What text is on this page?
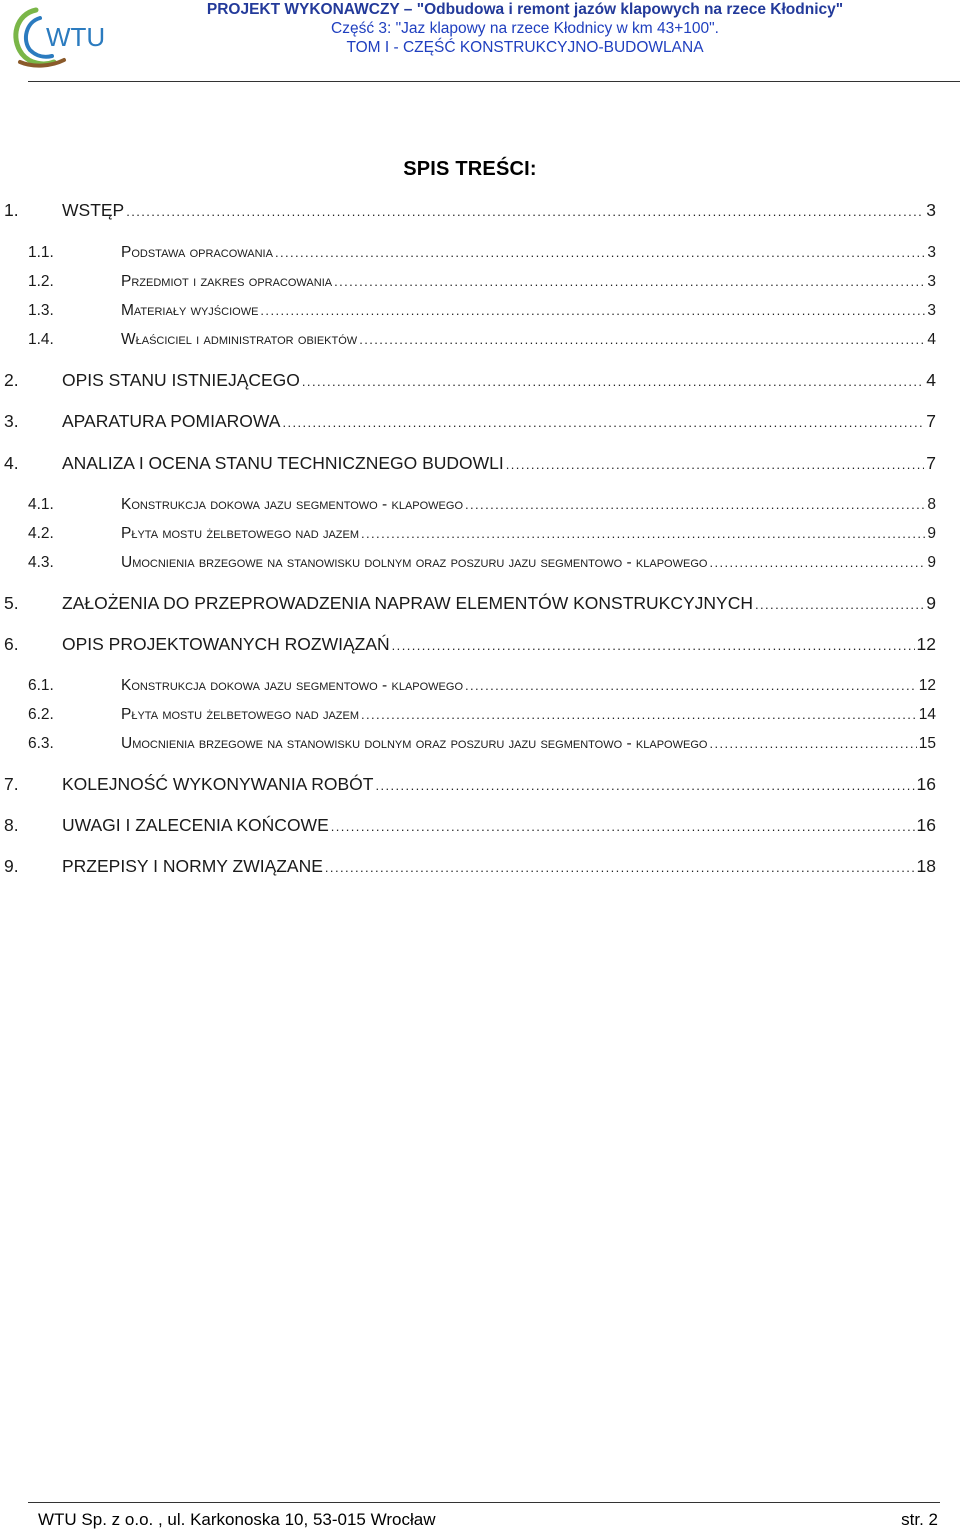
WTU
PROJEKT WYKONAWCZY – "Odbudowa i remont jazów klapowych na rzece Kłodnicy"
Część 3: "Jaz klapowy na rzece Kłodnicy w km 43+100".
TOM I - CZĘŚĆ KONSTRUKCYJNO-BUDOWLANA
SPIS TREŚCI:
1.	WSTĘP .....	3
1.1.	Podstawa opracowania .....	3
1.2.	Przedmiot i zakres opracowania .....	3
1.3.	Materiały wyjściowe .....	3
1.4.	Właściciel i administrator obiektów .....	4
2.	OPIS STANU ISTNIEJĄCEGO .....	4
3.	APARATURA POMIAROWA .....	7
4.	ANALIZA I OCENA STANU TECHNICZNEGO BUDOWLI .....	7
4.1.	Konstrukcja dokowa jazu segmentowo - klapowego .....	8
4.2.	Płyta mostu żelbetowego nad jazem .....	9
4.3.	Umocnienia brzegowe na stanowisku dolnym oraz poszuru jazu segmentowo - klapowego .....	9
5.	ZAŁOŻENIA DO PRZEPROWADZENIA NAPRAW ELEMENTÓW KONSTRUKCYJNYCH .....	9
6.	OPIS PROJEKTOWANYCH ROZWIĄZAŃ .....	12
6.1.	Konstrukcja dokowa jazu segmentowo - klapowego .....	12
6.2.	Płyta mostu żelbetowego nad jazem .....	14
6.3.	Umocnienia brzegowe na stanowisku dolnym oraz poszuru jazu segmentowo - klapowego .....	15
7.	KOLEJNOŚĆ WYKONYWANIA ROBÓT .....	16
8.	UWAGI I ZALECENIA KOŃCOWE .....	16
9.	PRZEPISY I NORMY ZWIĄZANE .....	18
WTU Sp. z o.o. , ul. Karkonoska 10, 53-015 Wrocław	str. 2
